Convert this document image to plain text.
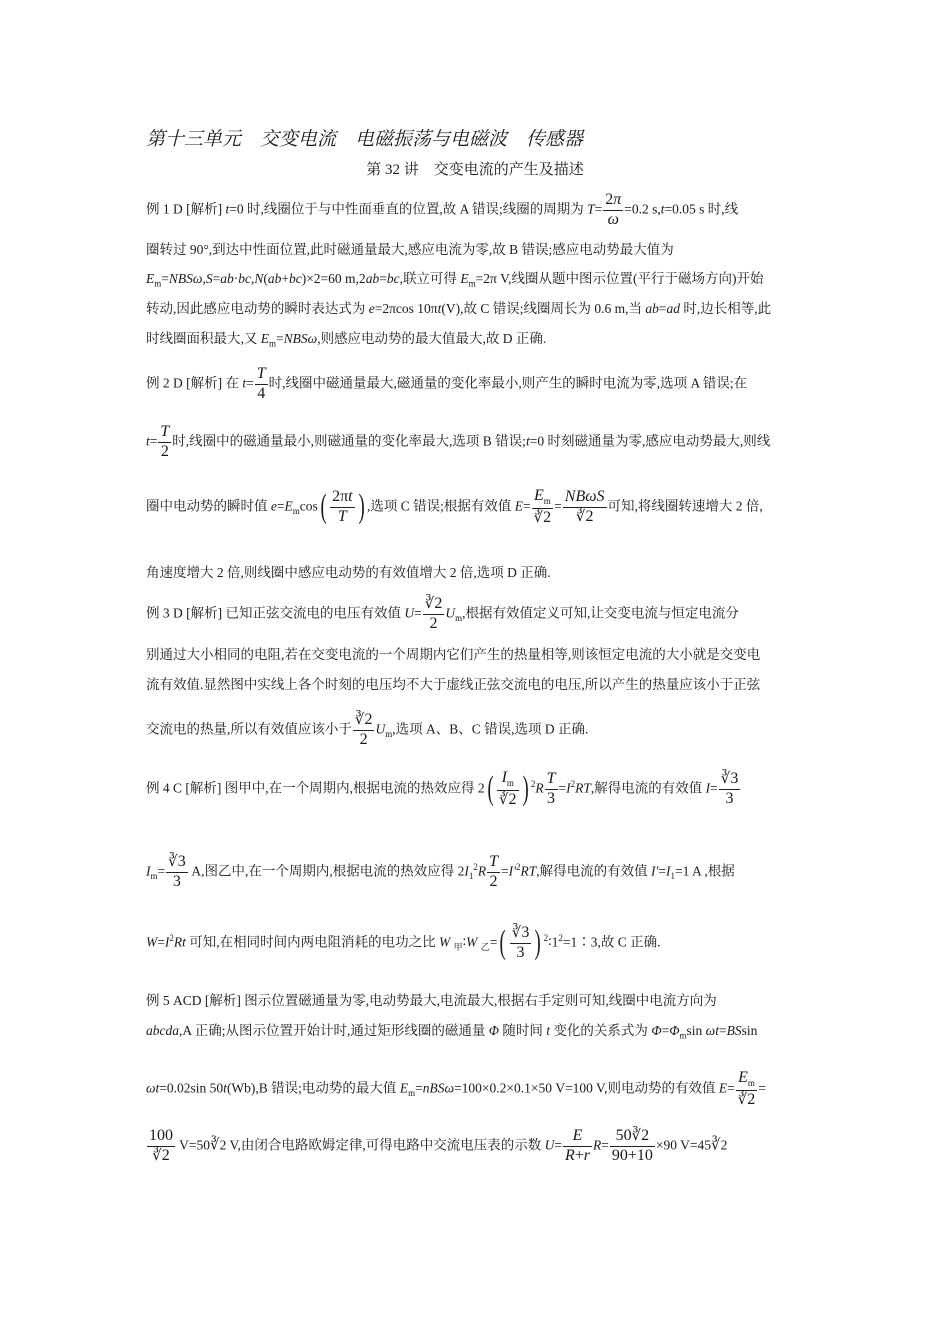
第十三单元    交变电流    电磁振荡与电磁波    传感器
第 32 讲    交变电流的产生及描述
例 1 D [解析] t=0 时,线圈位于与中性面垂直的位置,故 A 错误;线圈的周期为 $T= \frac{2\pi}{\omega} =0.2$ s,t=0.05 s 时,线
圈转过 90°,到达中性面位置,此时磁通量最大,感应电流为零,故 B 错误;感应电动势最大值为
$E_m=NBS\omega,S=ab\cdot bc,N(ab+bc)\times 2=60$ m,2ab=bc,联立可得 $E_m=2\pi$ V,线圈从题中图示位置(平行于磁场方向)开始
转动,因此感应电动势的瞬时表达式为 e=2πcos 10πt(V),故 C 错误;线圈周长为 0.6 m,当 ab=ad 时,边长相等,此
时线圈面积最大,又 $E_m=NBS\omega$,则感应电动势的最大值最大,故 D 正确.
例 2 D [解析] 在 $t= \frac{T}{4}$ 时,线圈中磁通量最大,磁通量的变化率最小,则产生的瞬时电流为零,选项 A 错误;在
$t= \frac{T}{2}$ 时,线圈中的磁通量最小,则磁通量的变化率最大,选项 B 错误;t=0 时刻磁通量为零,感应电动势最大,则线
圈中电动势的瞬时值 $e=E_m\cos( \frac{2\pi t}{T}$ ) ,选项 C 错误;根据有效值 $E= \frac{E_m}{∛2} = \frac{\text{NBωS}}{∛2}$ 可知,将线圈转速增大 2 倍,
角速度增大 2 倍,则线圈中感应电动势的有效值增大 2 倍,选项 D 正确.
例 3 D [解析] 已知正弦交流电的电压有效值 $U= \frac{∛2}{2} U_m$,根据有效值定义可知,让交变电流与恒定电流分
别通过大小相同的电阻,若在交变电流的一个周期内它们产生的热量相等,则该恒定电流的大小就是交变电
流有效值.显然图中实线上各个时刻的电压均不大于虚线正弦交流电的电压,所以产生的热量应该小于正弦
交流电的热量,所以有效值应该小于 $\frac{∛2}{2} U_m$,选项 A、B、C 错误,选项 D 正确.
例 4 C [解析] 图甲中,在一个周期内,根据电流的热效应得 $2( \frac{I_m}{∛2}$ ) $^2R \frac{T}{3} =I^2RT$,解得电流的有效值 $I= \frac{∛3}{3}$
$I_m= \frac{∛3}{3} A$,图乙中,在一个周期内,根据电流的热效应得 $2I_1^2R \frac{T}{2} =I'^2RT$,解得电流的有效值 $I'=I_1=1$ A ,根据
$W=I^2Rt$ 可知,在相同时间内两电阻消耗的电功之比 W $_甲$∶W $_乙=( \frac{∛3}{3}$ ) $^2∶1^2=1∶3$,故 C 正确.
例 5 ACD [解析] 图示位置磁通量为零,电动势最大,电流最大,根据右手定则可知,线圈中电流方向为
abcda,A 正确;从图示位置开始计时,通过矩形线圈的磁通量 Φ 随时间 t 变化的关系式为 $\Phi=\Phi_m\sin$ ωt=BSsin
ωt=0.02sin 50t(Wb),B 错误;电动势的最大值 $E_m=nBS\omega=100\times 0.2\times 0.1\times 50$ V=100 V,则电动势的有效值 $E= \frac{E_m}{∛2}$ =
$\frac{100}{∛2}$ V=50∛2 V,由闭合电路欧姆定律,可得电路中交流电压表的示数 $U= \frac{E}{R+r} R= \frac{50∛2}{90+10} \times 90$ V=45∛2
